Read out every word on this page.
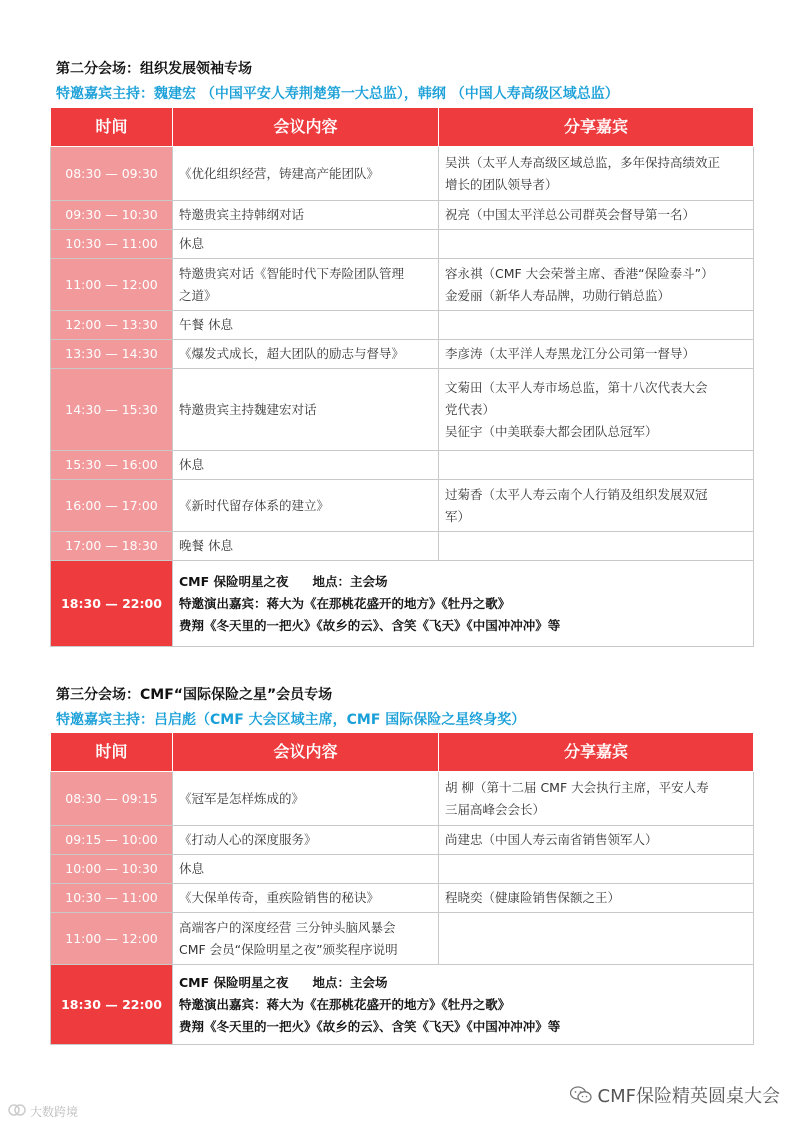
第二分会场：组织发展领袖专场
特邀嘉宾主持：魏建宏 （中国平安人寿荆楚第一大总监），韩纲 （中国人寿高级区域总监）
时间	会议内容	分享嘉宾
08:30 — 09:30	《优化组织经营，铸建高产能团队》	吴洪（太平人寿高级区域总监，多年保持高绩效正
增长的团队领导者）

09:30 — 10:30	特邀贵宾主持韩纲对话	祝亮（中国太平洋总公司群英会督导第一名）

10:30 — 11:00	休息	

11:00 — 12:00	特邀贵宾对话《智能时代下寿险团队管理
之道》	容永祺（CMF 大会荣誉主席、香港“保险泰斗”）
金爱丽（新华人寿品牌，功勋行销总监）

12:00 — 13:30	午餐 休息	

13:30 — 14:30	《爆发式成长，超大团队的励志与督导》	李彦涛（太平洋人寿黑龙江分公司第一督导）

14:30 — 15:30	特邀贵宾主持魏建宏对话	文菊田（太平人寿市场总监，第十八次代表大会
党代表）
吴征宇（中美联泰大都会团队总冠军）

15:30 — 16:00	休息	

16:00 — 17:00	《新时代留存体系的建立》	过菊香（太平人寿云南个人行销及组织发展双冠
军）

17:00 — 18:30	晚餐 休息	

18:30 — 22:00	CMF 保险明星之夜 地点：主会场
特邀演出嘉宾：蒋大为《在那桃花盛开的地方》《牡丹之歌》
费翔《冬天里的一把火》《故乡的云》、含笑《飞天》《中国冲冲冲》等	
第三分会场：CMF“国际保险之星”会员专场
特邀嘉宾主持：吕启彪（CMF 大会区域主席，CMF 国际保险之星终身奖）
时间	会议内容	分享嘉宾
08:30 — 09:15	《冠军是怎样炼成的》	胡 柳（第十二届 CMF 大会执行主席，平安人寿
三届高峰会会长）

09:15 — 10:00	《打动人心的深度服务》	尚建忠（中国人寿云南省销售领军人）

10:00 — 10:30	休息	

10:30 — 11:00	《大保单传奇，重疾险销售的秘诀》	程晓奕（健康险销售保额之王）

11:00 — 12:00	高端客户的深度经营 三分钟头脑风暴会
CMF 会员“保险明星之夜”颁奖程序说明	

18:30 — 22:00	CMF 保险明星之夜 地点：主会场
特邀演出嘉宾：蒋大为《在那桃花盛开的地方》《牡丹之歌》
费翔《冬天里的一把火》《故乡的云》、含笑《飞天》《中国冲冲冲》等	
大数跨境
CMF保险精英圆桌大会
